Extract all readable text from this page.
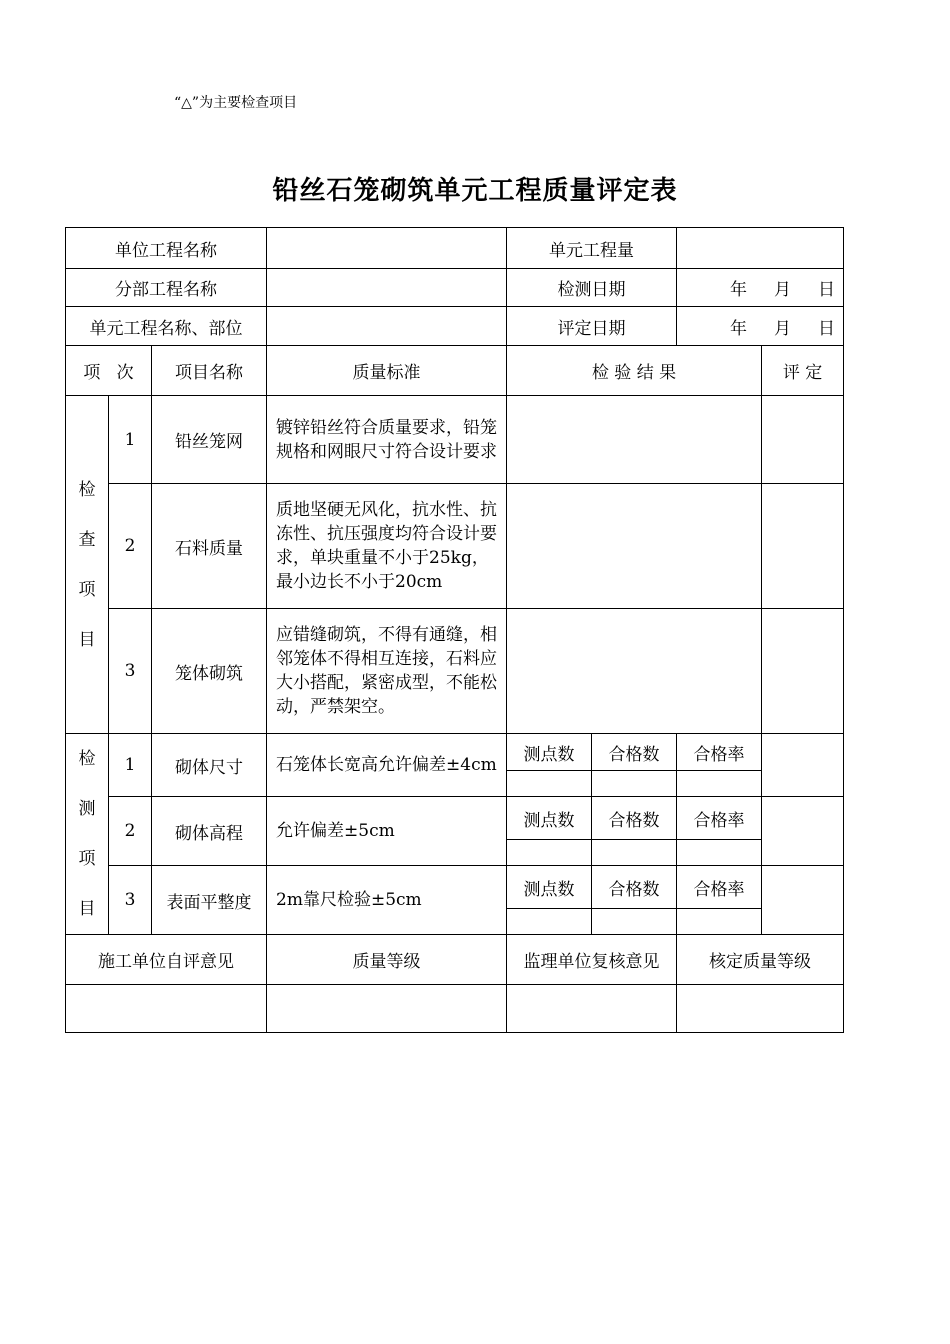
“△”为主要检查项目
铅丝石笼砌筑单元工程质量评定表
单位工程名称				单元工程量			
分部工程名称				检测日期		年     月     日	
单元工程名称、部位				评定日期		年     月     日	
项   次		项目名称	质量标准	检 验 结 果			评 定

检
查
项
目	1	铅丝笼网	镀锌铅丝符合质量要求，铅笼规格和网眼尺寸符合设计要求				
	2	石料质量	质地坚硬无风化，抗水性、抗冻性、抗压强度均符合设计要求，单块重量不小于25kg，最小边长不小于20cm				
	3	笼体砌筑	应错缝砌筑，不得有通缝，相邻笼体不得相互连接，石料应大小搭配，紧密成型，不能松动，严禁架空。				

检
测
项
目	1	砌体尺寸	石笼体长宽高允许偏差±4cm	测点数	合格数	合格率	

	2	砌体高程	允许偏差±5cm	测点数	合格数	合格率	

	3	表面平整度	2m靠尺检验±5cm	测点数	合格数	合格率	

施工单位自评意见			质量等级	监理单位复核意见		核定质量等级	
